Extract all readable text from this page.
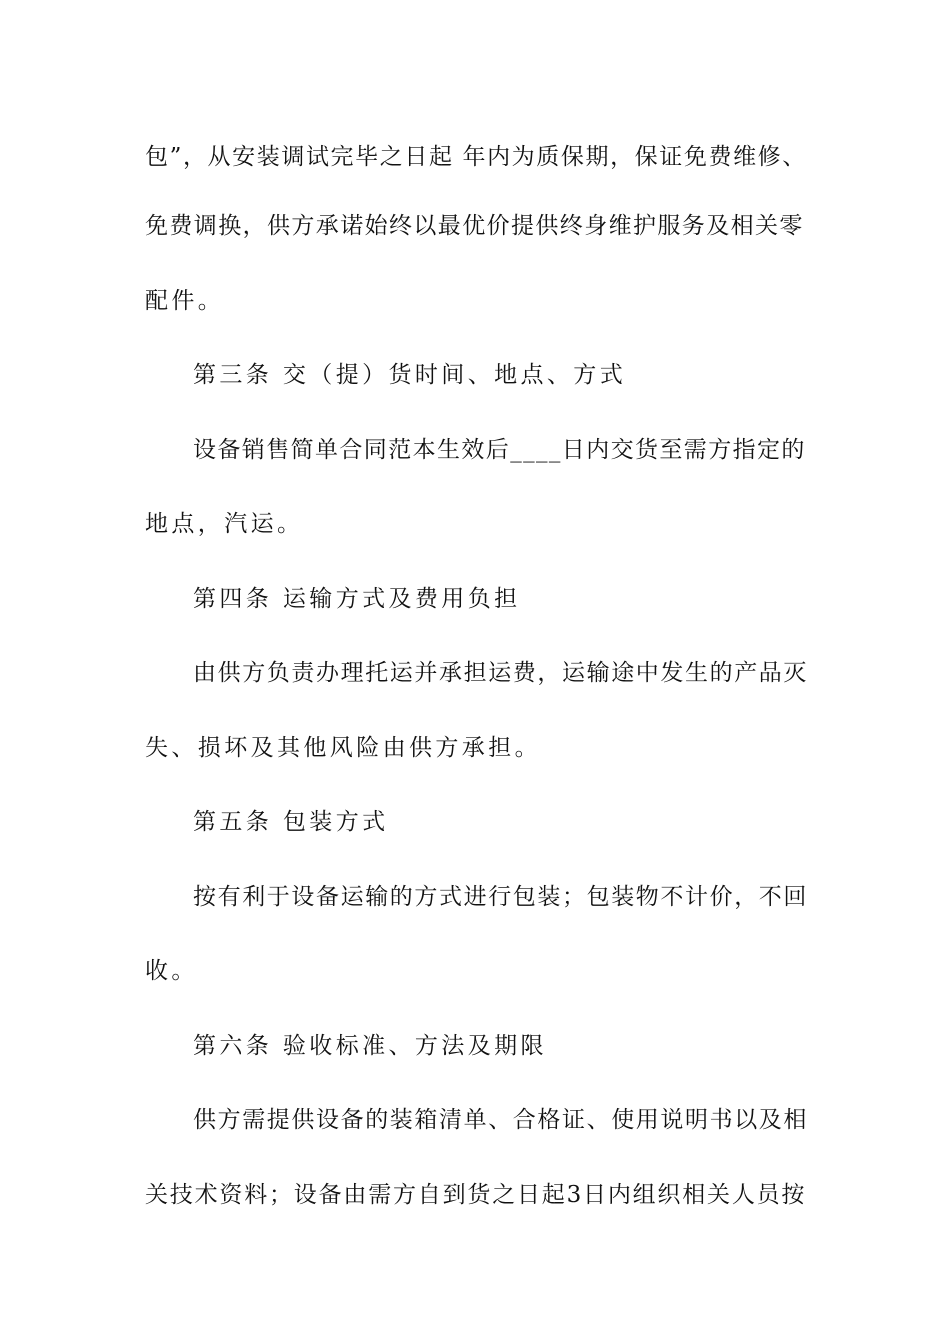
包”，从安装调试完毕之日起 年内为质保期，保证免费维修、
免费调换，供方承诺始终以最优价提供终身维护服务及相关零
配件。
第三条 交（提）货时间、地点、方式
设备销售简单合同范本生效后____日内交货至需方指定的
地点，汽运。
第四条 运输方式及费用负担
由供方负责办理托运并承担运费，运输途中发生的产品灭
失、损坏及其他风险由供方承担。
第五条 包装方式
按有利于设备运输的方式进行包装；包装物不计价，不回
收。
第六条 验收标准、方法及期限
供方需提供设备的装箱清单、合格证、使用说明书以及相
关技术资料；设备由需方自到货之日起3日内组织相关人员按
